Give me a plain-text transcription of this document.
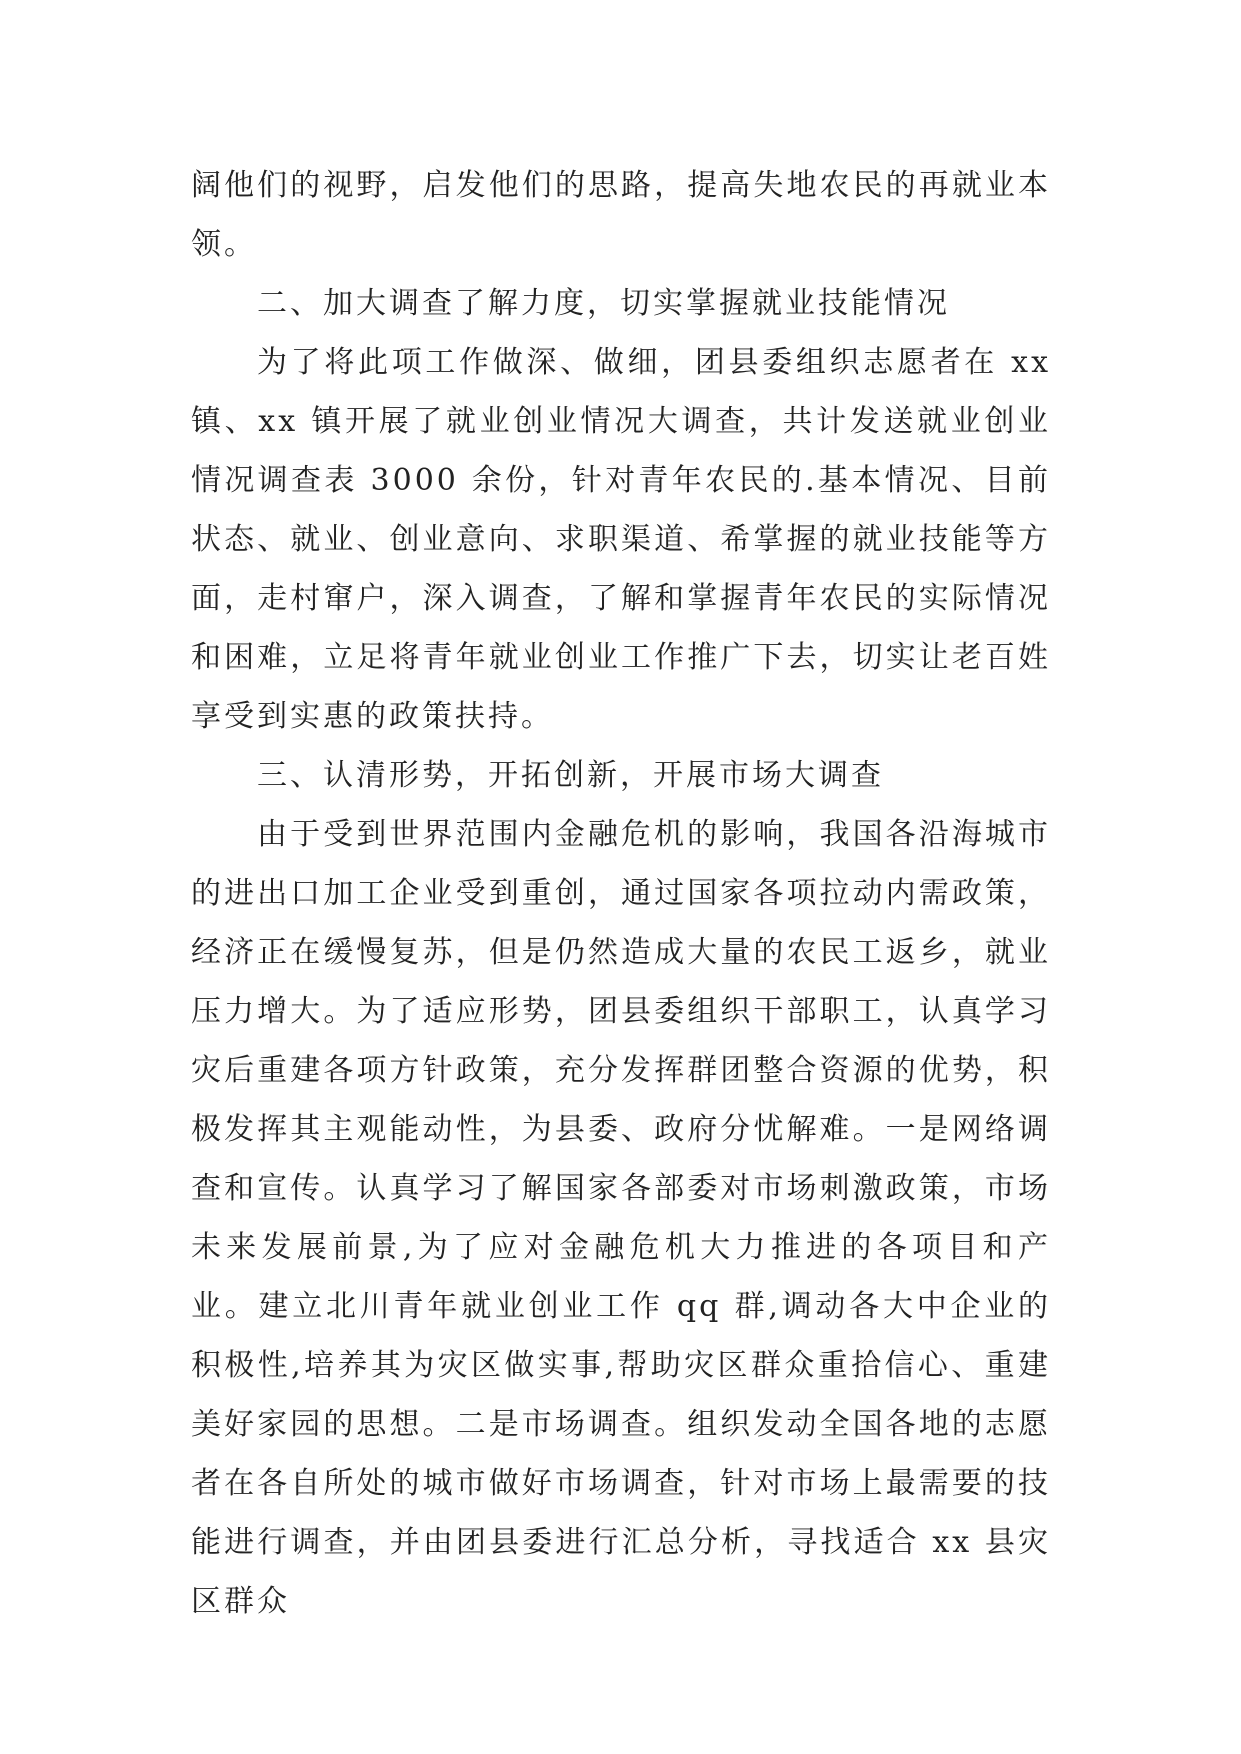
阔他们的视野，启发他们的思路，提高失地农民的再就业本领。

二、加大调查了解力度，切实掌握就业技能情况

为了将此项工作做深、做细，团县委组织志愿者在 xx 镇、xx 镇开展了就业创业情况大调查，共计发送就业创业情况调查表 3000 余份，针对青年农民的.基本情况、目前状态、就业、创业意向、求职渠道、希掌握的就业技能等方面，走村窜户，深入调查，了解和掌握青年农民的实际情况和困难，立足将青年就业创业工作推广下去，切实让老百姓享受到实惠的政策扶持。

三、认清形势，开拓创新，开展市场大调查

由于受到世界范围内金融危机的影响，我国各沿海城市的进出口加工企业受到重创，通过国家各项拉动内需政策，经济正在缓慢复苏，但是仍然造成大量的农民工返乡，就业压力增大。为了适应形势，团县委组织干部职工，认真学习灾后重建各项方针政策，充分发挥群团整合资源的优势，积极发挥其主观能动性，为县委、政府分忧解难。一是网络调查和宣传。认真学习了解国家各部委对市场刺激政策，市场未来发展前景,为了应对金融危机大力推进的各项目和产业。建立北川青年就业创业工作 qq 群,调动各大中企业的积极性,培养其为灾区做实事,帮助灾区群众重拾信心、重建美好家园的思想。二是市场调查。组织发动全国各地的志愿者在各自所处的城市做好市场调查，针对市场上最需要的技能进行调查，并由团县委进行汇总分析，寻找适合 xx 县灾区群众
